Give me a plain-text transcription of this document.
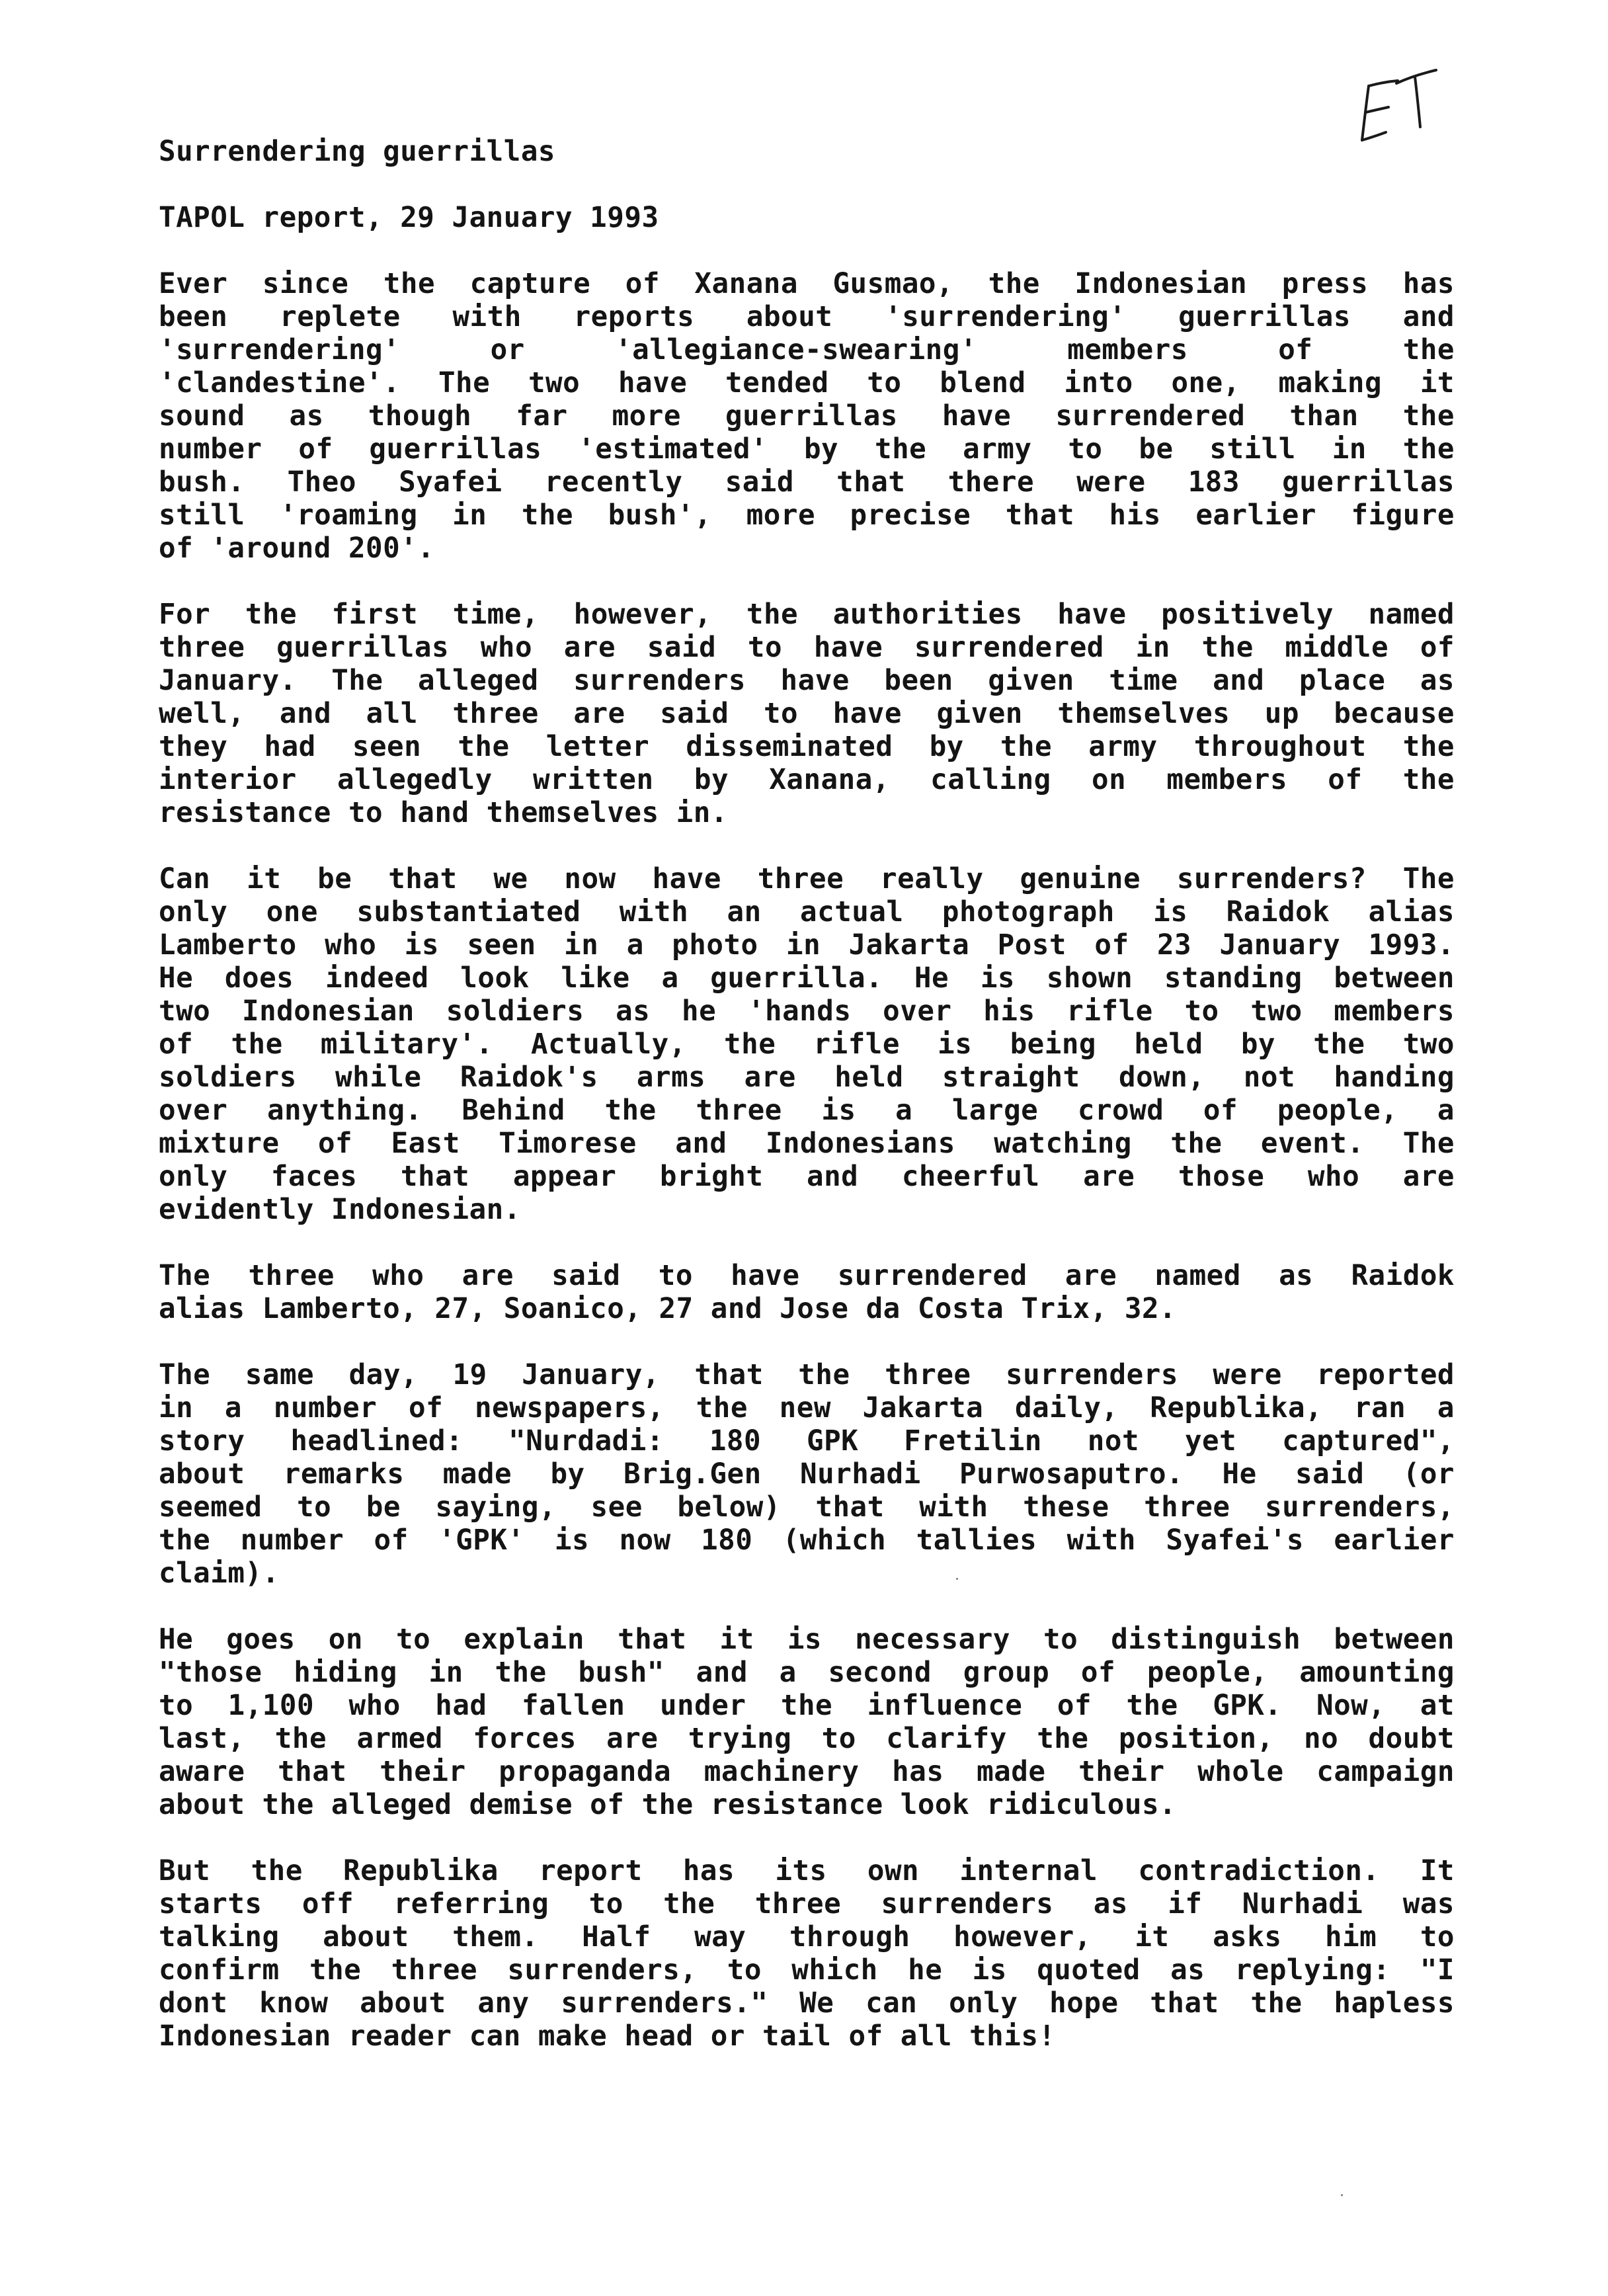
Surrendering guerrillas
TAPOL report, 29 January 1993
Ever since the capture of Xanana Gusmao, the Indonesian press has
been replete with reports about 'surrendering' guerrillas and
'surrendering' or 'allegiance-swearing' members of the
'clandestine'. The two have tended to blend into one, making it
sound as though far more guerrillas have surrendered than the
number of guerrillas 'estimated' by the army to be still in the
bush. Theo Syafei recently said that there were 183 guerrillas
still 'roaming in the bush', more precise that his earlier figure
of 'around 200'.
For the first time, however, the authorities have positively named
three guerrillas who are said to have surrendered in the middle of
January. The alleged surrenders have been given time and place as
well, and all three are said to have given themselves up because
they had seen the letter disseminated by the army throughout the
interior allegedly written by Xanana, calling on members of the
resistance to hand themselves in.
Can it be that we now have three really genuine surrenders? The
only one substantiated with an actual photograph is Raidok alias
Lamberto who is seen in a photo in Jakarta Post of 23 January 1993.
He does indeed look like a guerrilla. He is shown standing between
two Indonesian soldiers as he 'hands over his rifle to two members
of the military'. Actually, the rifle is being held by the two
soldiers while Raidok's arms are held straight down, not handing
over anything. Behind the three is a large crowd of people, a
mixture of East Timorese and Indonesians watching the event. The
only faces that appear bright and cheerful are those who are
evidently Indonesian.
The three who are said to have surrendered are named as Raidok
alias Lamberto, 27, Soanico, 27 and Jose da Costa Trix, 32.
The same day, 19 January, that the three surrenders were reported
in a number of newspapers, the new Jakarta daily, Republika, ran a
story headlined: "Nurdadi: 180 GPK Fretilin not yet captured",
about remarks made by Brig.Gen Nurhadi Purwosaputro. He said (or
seemed to be saying, see below) that with these three surrenders,
the number of 'GPK' is now 180 (which tallies with Syafei's earlier
claim).
He goes on to explain that it is necessary to distinguish between
"those hiding in the bush" and a second group of people, amounting
to 1,100 who had fallen under the influence of the GPK. Now, at
last, the armed forces are trying to clarify the position, no doubt
aware that their propaganda machinery has made their whole campaign
about the alleged demise of the resistance look ridiculous.
But the Republika report has its own internal contradiction. It
starts off referring to the three surrenders as if Nurhadi was
talking about them. Half way through however, it asks him to
confirm the three surrenders, to which he is quoted as replying: "I
dont know about any surrenders." We can only hope that the hapless
Indonesian reader can make head or tail of all this!
